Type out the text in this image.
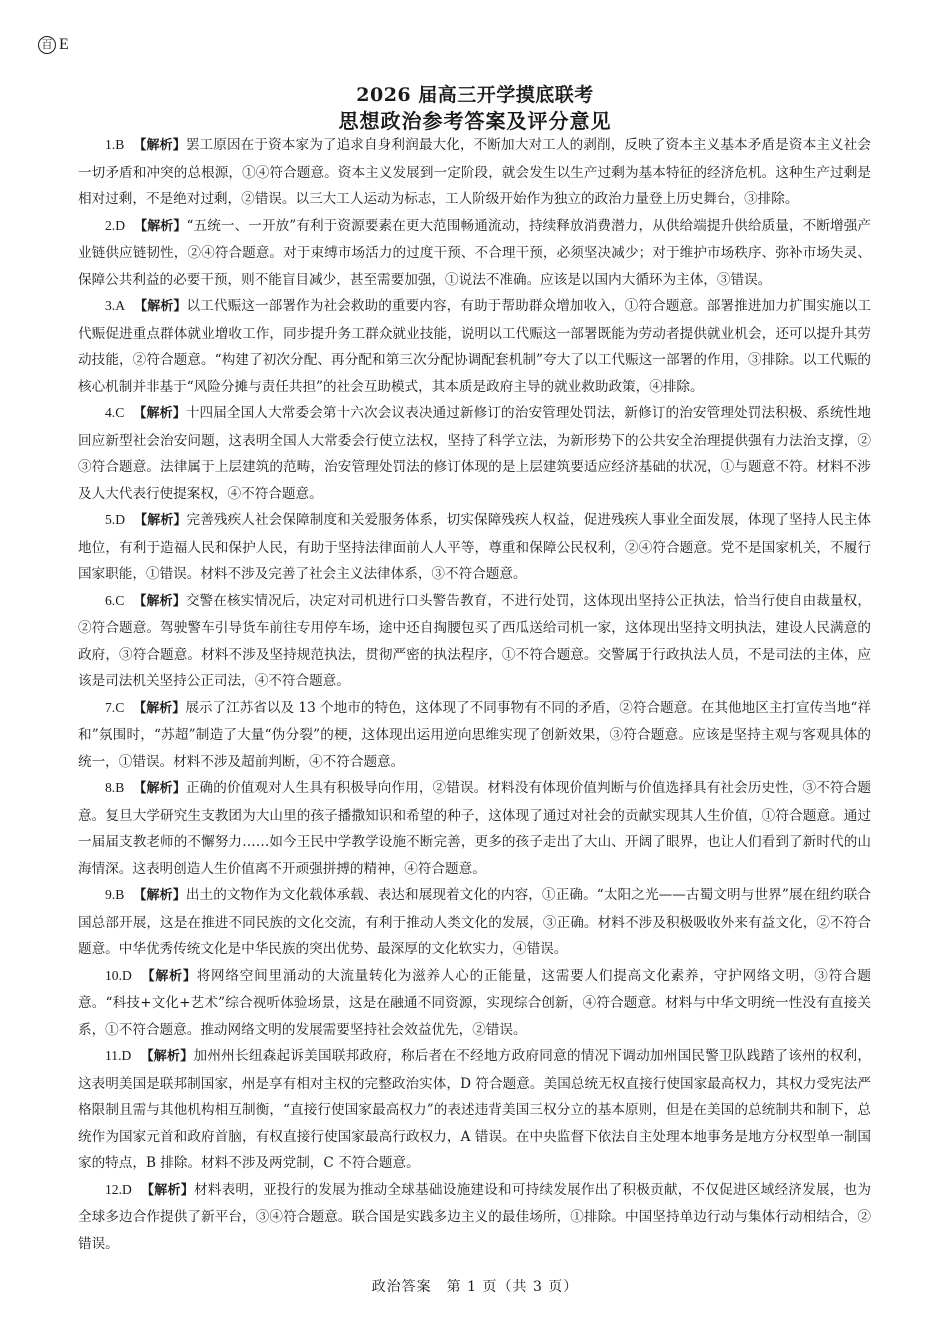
百 E
2026 届高三开学摸底联考
思想政治参考答案及评分意见

1.B 【解析】罢工原因在于资本家为了追求自身利润最大化，不断加大对工人的剥削，反映了资本主义基本矛盾是资本主义社会一切矛盾和冲突的总根源，①④符合题意。资本主义发展到一定阶段，就会发生以生产过剩为基本特征的经济危机。这种生产过剩是相对过剩，不是绝对过剩，②错误。以三大工人运动为标志，工人阶级开始作为独立的政治力量登上历史舞台，③排除。

2.D 【解析】“五统一、一开放”有利于资源要素在更大范围畅通流动，持续释放消费潜力，从供给端提升供给质量，不断增强产业链供应链韧性，②④符合题意。对于束缚市场活力的过度干预、不合理干预，必须坚决减少；对于维护市场秩序、弥补市场失灵、保障公共利益的必要干预，则不能盲目减少，甚至需要加强，①说法不准确。应该是以国内大循环为主体，③错误。

3.A 【解析】以工代赈这一部署作为社会救助的重要内容，有助于帮助群众增加收入，①符合题意。部署推进加力扩围实施以工代赈促进重点群体就业增收工作，同步提升务工群众就业技能，说明以工代赈这一部署既能为劳动者提供就业机会，还可以提升其劳动技能，②符合题意。“构建了初次分配、再分配和第三次分配协调配套机制”夸大了以工代赈这一部署的作用，③排除。以工代赈的核心机制并非基于“风险分摊与责任共担”的社会互助模式，其本质是政府主导的就业救助政策，④排除。

4.C 【解析】十四届全国人大常委会第十六次会议表决通过新修订的治安管理处罚法，新修订的治安管理处罚法积极、系统性地回应新型社会治安问题，这表明全国人大常委会行使立法权，坚持了科学立法，为新形势下的公共安全治理提供强有力法治支撑，②③符合题意。法律属于上层建筑的范畴，治安管理处罚法的修订体现的是上层建筑要适应经济基础的状况，①与题意不符。材料不涉及人大代表行使提案权，④不符合题意。

5.D 【解析】完善残疾人社会保障制度和关爱服务体系，切实保障残疾人权益，促进残疾人事业全面发展，体现了坚持人民主体地位，有利于造福人民和保护人民，有助于坚持法律面前人人平等，尊重和保障公民权利，②④符合题意。党不是国家机关，不履行国家职能，①错误。材料不涉及完善了社会主义法律体系，③不符合题意。

6.C 【解析】交警在核实情况后，决定对司机进行口头警告教育，不进行处罚，这体现出坚持公正执法，恰当行使自由裁量权，②符合题意。驾驶警车引导货车前往专用停车场，途中还自掏腰包买了西瓜送给司机一家，这体现出坚持文明执法，建设人民满意的政府，③符合题意。材料不涉及坚持规范执法，贯彻严密的执法程序，①不符合题意。交警属于行政执法人员，不是司法的主体，应该是司法机关坚持公正司法，④不符合题意。

7.C 【解析】展示了江苏省以及 13 个地市的特色，这体现了不同事物有不同的矛盾，②符合题意。在其他地区主打宣传当地“祥和”氛围时，“苏超”制造了大量“伪分裂”的梗，这体现出运用逆向思维实现了创新效果，③符合题意。应该是坚持主观与客观具体的统一，①错误。材料不涉及超前判断，④不符合题意。

8.B 【解析】正确的价值观对人生具有积极导向作用，②错误。材料没有体现价值判断与价值选择具有社会历史性，③不符合题意。复旦大学研究生支教团为大山里的孩子播撒知识和希望的种子，这体现了通过对社会的贡献实现其人生价值，①符合题意。通过一届届支教老师的不懈努力……如今王民中学教学设施不断完善，更多的孩子走出了大山、开阔了眼界，也让人们看到了新时代的山海情深。这表明创造人生价值离不开顽强拼搏的精神，④符合题意。

9.B 【解析】出土的文物作为文化载体承载、表达和展现着文化的内容，①正确。“太阳之光——古蜀文明与世界”展在纽约联合国总部开展，这是在推进不同民族的文化交流，有利于推动人类文化的发展，③正确。材料不涉及积极吸收外来有益文化，②不符合题意。中华优秀传统文化是中华民族的突出优势、最深厚的文化软实力，④错误。

10.D 【解析】将网络空间里涌动的大流量转化为滋养人心的正能量，这需要人们提高文化素养，守护网络文明，③符合题意。“科技+文化+艺术”综合视听体验场景，这是在融通不同资源，实现综合创新，④符合题意。材料与中华文明统一性没有直接关系，①不符合题意。推动网络文明的发展需要坚持社会效益优先，②错误。

11.D 【解析】加州州长纽森起诉美国联邦政府，称后者在不经地方政府同意的情况下调动加州国民警卫队践踏了该州的权利，这表明美国是联邦制国家，州是享有相对主权的完整政治实体，D 符合题意。美国总统无权直接行使国家最高权力，其权力受宪法严格限制且需与其他机构相互制衡，“直接行使国家最高权力”的表述违背美国三权分立的基本原则，但是在美国的总统制共和制下，总统作为国家元首和政府首脑，有权直接行使国家最高行政权力，A 错误。在中央监督下依法自主处理本地事务是地方分权型单一制国家的特点，B 排除。材料不涉及两党制，C 不符合题意。

12.D 【解析】材料表明，亚投行的发展为推动全球基础设施建设和可持续发展作出了积极贡献，不仅促进区域经济发展，也为全球多边合作提供了新平台，③④符合题意。联合国是实践多边主义的最佳场所，①排除。中国坚持单边行动与集体行动相结合，②错误。

政治答案　第 1 页（共 3 页）
